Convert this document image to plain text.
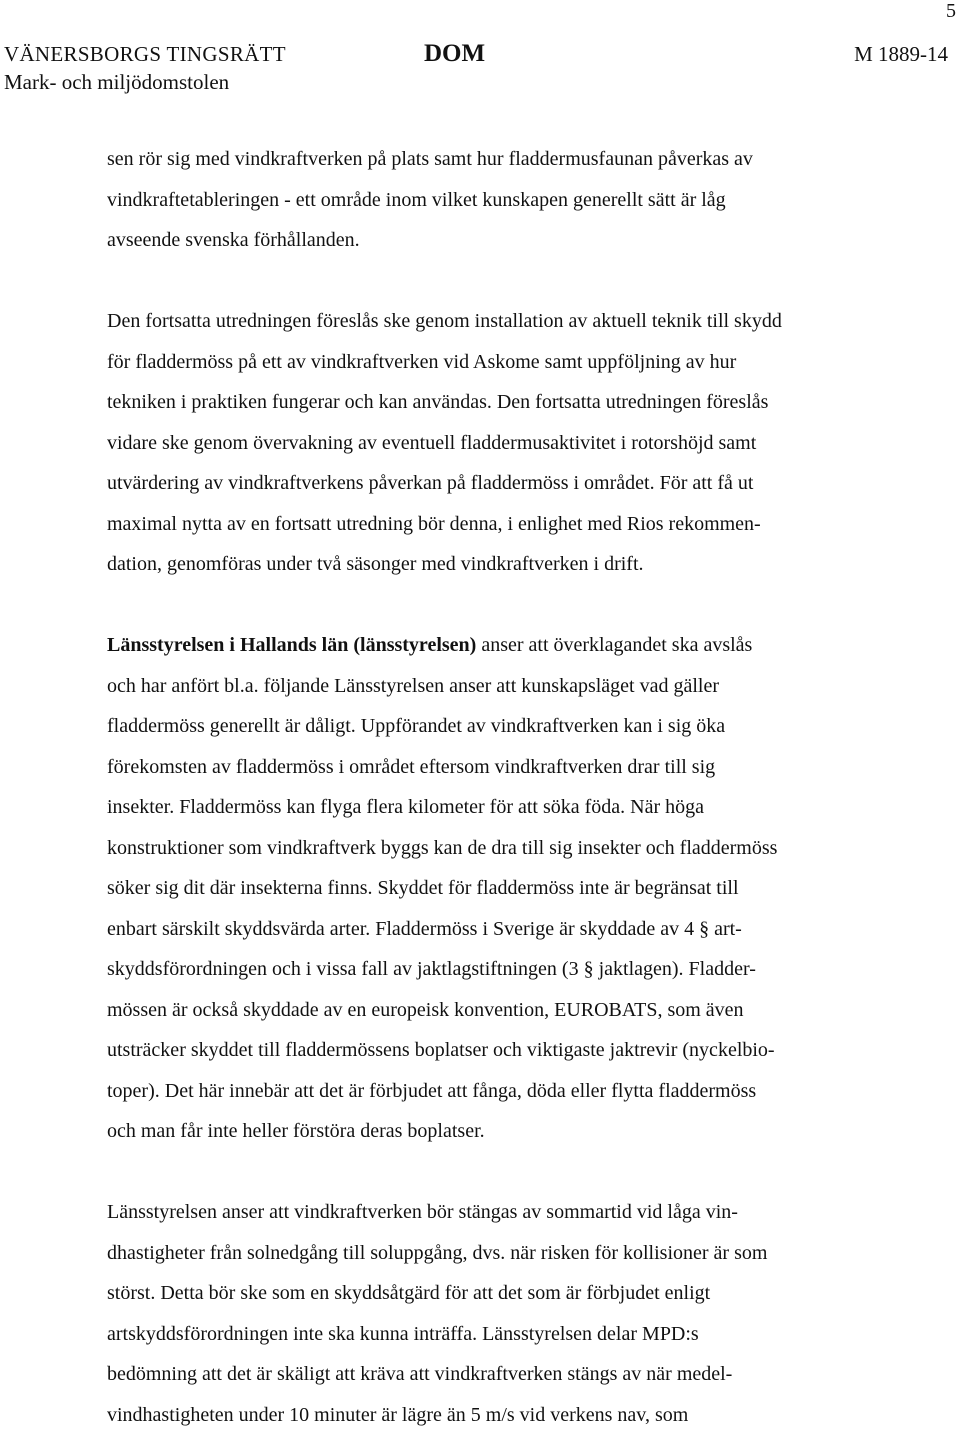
5
VÄNERSBORGS TINGSRÄTT
Mark- och miljödomstolen
DOM	M 1889-14

sen rör sig med vindkraftverken på plats samt hur fladdermusfaunan påverkas av
vindkraftetableringen - ett område inom vilket kunskapen generellt sätt är låg
avseende svenska förhållanden.

Den fortsatta utredningen föreslås ske genom installation av aktuell teknik till skydd
för fladdermöss på ett av vindkraftverken vid Askome samt uppföljning av hur
tekniken i praktiken fungerar och kan användas. Den fortsatta utredningen föreslås
vidare ske genom övervakning av eventuell fladdermusaktivitet i rotorshöjd samt
utvärdering av vindkraftverkens påverkan på fladdermöss i området. För att få ut
maximal nytta av en fortsatt utredning bör denna, i enlighet med Rios rekommen-
dation, genomföras under två säsonger med vindkraftverken i drift.

Länsstyrelsen i Hallands län (länsstyrelsen) anser att överklagandet ska avslås
och har anfört bl.a. följande Länsstyrelsen anser att kunskapsläget vad gäller
fladdermöss generellt är dåligt. Uppförandet av vindkraftverken kan i sig öka
förekomsten av fladdermöss i området eftersom vindkraftverken drar till sig
insekter. Fladdermöss kan flyga flera kilometer för att söka föda. När höga
konstruktioner som vindkraftverk byggs kan de dra till sig insekter och fladdermöss
söker sig dit där insekterna finns. Skyddet för fladdermöss inte är begränsat till
enbart särskilt skyddsvärda arter. Fladdermöss i Sverige är skyddade av 4 § art-
skyddsförordningen och i vissa fall av jaktlagstiftningen (3 § jaktlagen). Fladder-
mössen är också skyddade av en europeisk konvention, EUROBATS, som även
utsträcker skyddet till fladdermössens boplatser och viktigaste jaktrevir (nyckelbio-
toper). Det här innebär att det är förbjudet att fånga, döda eller flytta fladdermöss
och man får inte heller förstöra deras boplatser.

Länsstyrelsen anser att vindkraftverken bör stängas av sommartid vid låga vin-
dhastigheter från solnedgång till soluppgång, dvs. när risken för kollisioner är som
störst. Detta bör ske som en skyddsåtgärd för att det som är förbjudet enligt
artskyddsförordningen inte ska kunna inträffa. Länsstyrelsen delar MPD:s
bedömning att det är skäligt att kräva att vindkraftverken stängs av när medel-
vindhastigheten under 10 minuter är lägre än 5 m/s vid verkens nav, som
